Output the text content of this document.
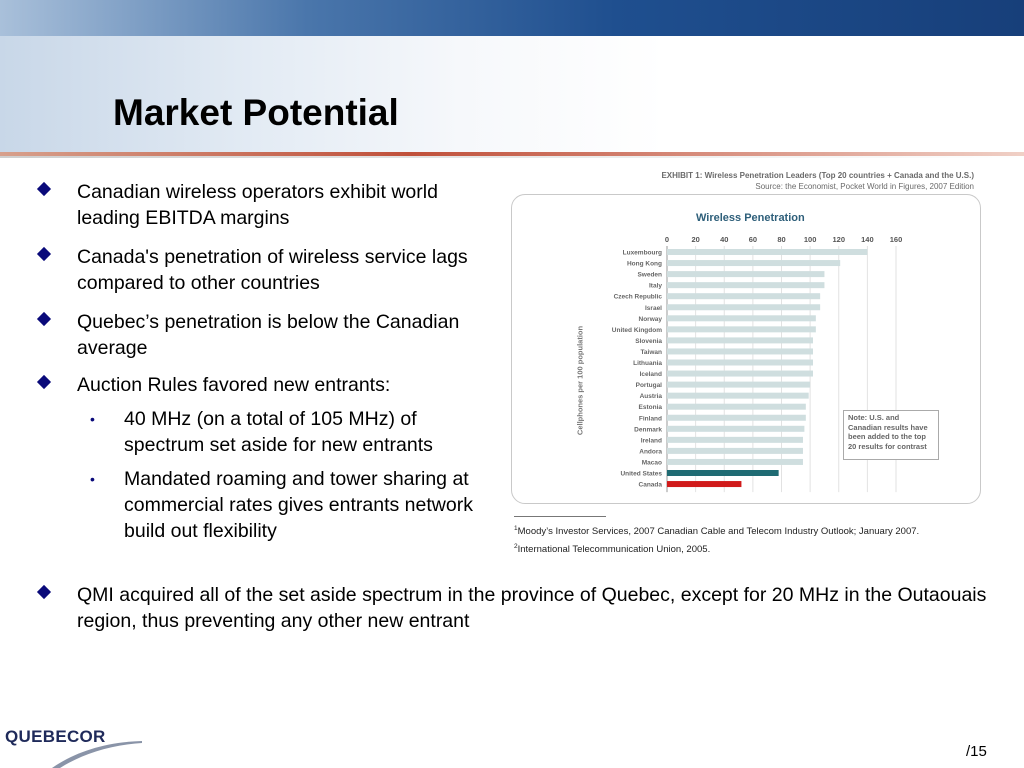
Market Potential
Canadian wireless operators exhibit world leading EBITDA margins
Canada's penetration of wireless service lags compared to other countries
Quebec’s penetration is below the Canadian average
Auction Rules favored new entrants:
• 40 MHz (on a total of 105 MHz) of spectrum set aside for new entrants
• Mandated roaming and tower sharing at commercial rates gives entrants network build out flexibility
EXHIBIT 1: Wireless Penetration Leaders (Top 20 countries + Canada and the U.S.)
Source: the Economist, Pocket World in Figures, 2007 Edition
Wireless Penetration
Cellphones per 100 population
0	20	40	60	80 100 120 140 160
Luxembourg
Hong Kong
Sweden
Italy
Czech Republic
Israel
Norway
United Kingdom
Slovenia
Taiwan
Lithuania
Iceland
Portugal
Austria
Estonia
Finland
Denmark
Ireland
Andora
Macao
United States
Canada
Note: U.S. and Canadian results have been added to the top 20 results for contrast
$^1$Moody’s Investor Services, 2007 Canadian Cable and Telecom Industry Outlook; January 2007.
$^2$International Telecommunication Union, 2005.
QMI acquired all of the set aside spectrum in the province of Quebec, except for 20 MHz in the Outaouais region, thus preventing any other new entrant
QUEBECOR
/15
